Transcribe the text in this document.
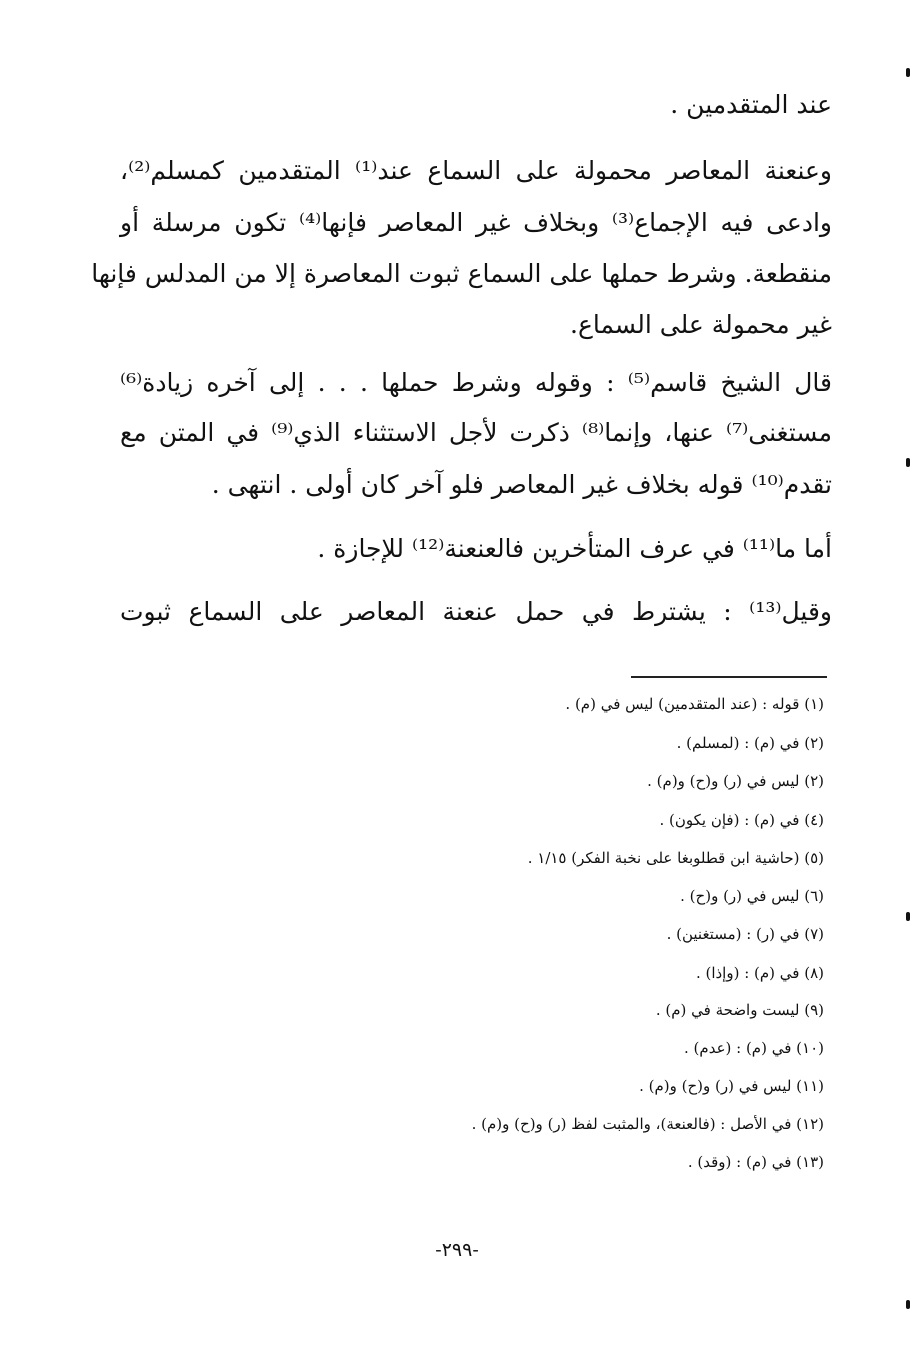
عند المتقدمين .
وعنعنة المعاصر محمولة على السماع عند⁽¹⁾ المتقدمين كمسلم⁽²⁾،
وادعى فيه الإجماع⁽³⁾ وبخلاف غير المعاصر فإنها⁽⁴⁾ تكون مرسلة أو
منقطعة. وشرط حملها على السماع ثبوت المعاصرة إلا من المدلس فإنها
غير محمولة على السماع.
قال الشيخ قاسم⁽⁵⁾ : وقوله وشرط حملها . . . إلى آخره زيادة⁽⁶⁾
مستغنى⁽⁷⁾ عنها، وإنما⁽⁸⁾ ذكرت لأجل الاستثناء الذي⁽⁹⁾ في المتن مع
تقدم⁽¹⁰⁾ قوله بخلاف غير المعاصر فلو آخر كان أولى . انتهى .
أما ما⁽¹¹⁾ في عرف المتأخرين فالعنعنة⁽¹²⁾ للإجازة .
وقيل⁽¹³⁾ : يشترط في حمل عنعنة المعاصر على السماع ثبوت
(١) قوله : (عند المتقدمين) ليس في (م) .
(٢) في (م) : (لمسلم) .
(٢) ليس في (ر) و(ح) و(م) .
(٤) في (م) : (فإن يكون) .
(٥) (حاشية ابن قطلوبغا على نخبة الفكر) ١/١٥ .
(٦) ليس في (ر) و(ح) .
(٧) في (ر) : (مستغنين) .
(٨) في (م) : (وإذا) .
(٩) ليست واضحة في (م) .
(١٠) في (م) : (عدم) .
(١١) ليس في (ر) و(ح) و(م) .
(١٢) في الأصل : (فالعنعة)، والمثبت لفظ (ر) و(ح) و(م) .
(١٣) في (م) : (وقد) .
-٢٩٩-
